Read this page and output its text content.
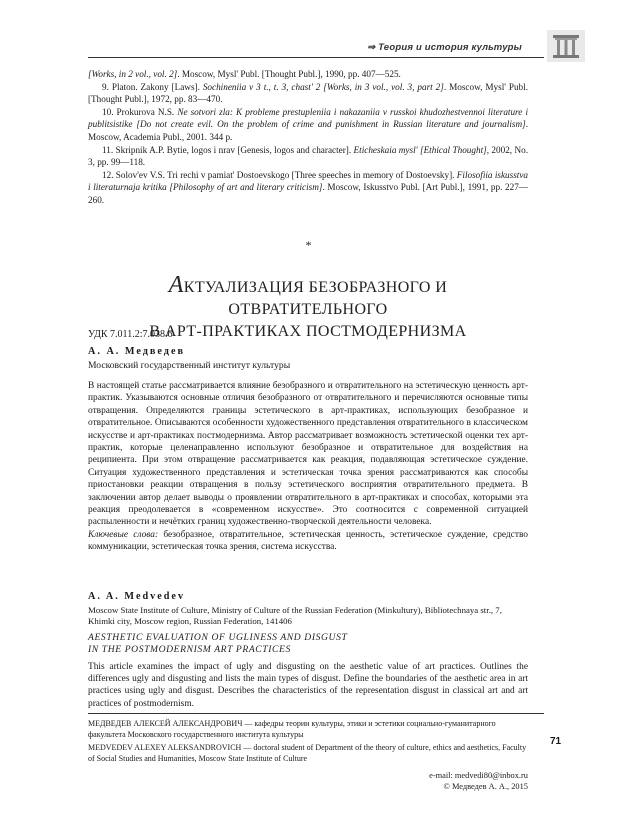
⇒ Теория и история культуры

[Works, in 2 vol., vol. 2]. Moscow, Mysl' Publ. [Thought Publ.], 1990, pp. 407—525.

9. Platon. Zakony [Laws]. Sochineniia v 3 t., t. 3, chast' 2 [Works, in 3 vol., vol. 3, part 2]. Moscow, Mysl' Publ. [Thought Publ.], 1972, pp. 83—470.

10. Prokurova N.S. Ne sotvori zla: K probleme prestupleniia i nakazaniia v russkoi khudozhestvennoi literature i publitsistike [Do not create evil. On the problem of crime and punishment in Russian literature and journalism]. Moscow, Academia Publ., 2001. 344 p.

11. Skripnik A.P. Bytie, logos i nrav [Genesis, logos and character]. Eticheskaia mysl' [Ethical Thought], 2002, No. 3, pp. 99—118.

12. Solov'ev V.S. Tri rechi v pamiat' Dostoevskogo [Three speeches in memory of Dostoevsky]. Filosofiia iskusstva i literaturnaja kritika [Philosophy of art and literary criticism]. Moscow, Iskusstvo Publ. [Art Publ.], 1991, pp. 227—260.

*
АКТУАЛИЗАЦИЯ БЕЗОБРАЗНОГО И ОТВРАТИТЕЛЬНОГО
В АРТ-ПРАКТИКАХ ПОСТМОДЕРНИЗМА
УДК 7.011.2:7.038.6
А. А. Медведев
Московский государственный институт культуры

В настоящей статье рассматривается влияние безобразного и отвратительного на эстетическую ценность арт-практик. Указываются основные отличия безобразного от отвратительного и перечисляются основные типы отвращения. Определяются границы эстетического в арт-практиках, использующих безобразное и отвратительное. Описываются особенности художественного представления отвратительного в классическом искусстве и арт-практиках постмодернизма. Автор рассматривает возможность эстетической оценки тех арт-практик, которые целенаправленно используют безобразное и отвратительное для воздействия на реципиента. При этом отвращение рассматривается как реакция, подавляющая эстетическое суждение. Ситуация художественного представления и эстетическая точка зрения рассматриваются как способы приостановки реакции отвращения в пользу эстетического восприятия отвратительного предмета. В заключении автор делает выводы о проявлении отвратительного в арт-практиках и способах, которыми эта реакция преодолевается в «современном искусстве». Это соотносится с современной ситуацией распыленности и нечётких границ художественно-творческой деятельности человека.

Ключевые слова: безобразное, отвратительное, эстетическая ценность, эстетическое суждение, средство коммуникации, эстетическая точка зрения, система искусства.

A. A. Medvedev
Moscow State Institute of Culture, Ministry of Culture of the Russian Federation (Minkultury), Bibliotechnaya str., 7, Khimki city, Moscow region, Russian Federation, 141406
AESTHETIC EVALUATION OF UGLINESS AND DISGUST
IN THE POSTMODERNISM ART PRACTICES
This article examines the impact of ugly and disgusting on the aesthetic value of art practices. Outlines the differences ugly and disgusting and lists the main types of disgust. Define the boundaries of the aesthetic area in art practices using ugly and disgust. Describes the characteristics of the representation disgust in classical art and art practices of postmodernism.

МЕДВЕДЕВ АЛЕКСЕЙ АЛЕКСАНДРОВИЧ — кафедры теории культуры, этики и эстетики социально-гуманитарного факультета Московского государственного института культуры

MEDVEDEV ALEXEY ALEKSANDROVICH — doctoral student of Department of the theory of culture, ethics and aesthetics, Faculty of Social Studies and Humanities, Moscow State Institute of Culture

71
e-mail: medvedi80@inbox.ru
© Медведев А. А., 2015
